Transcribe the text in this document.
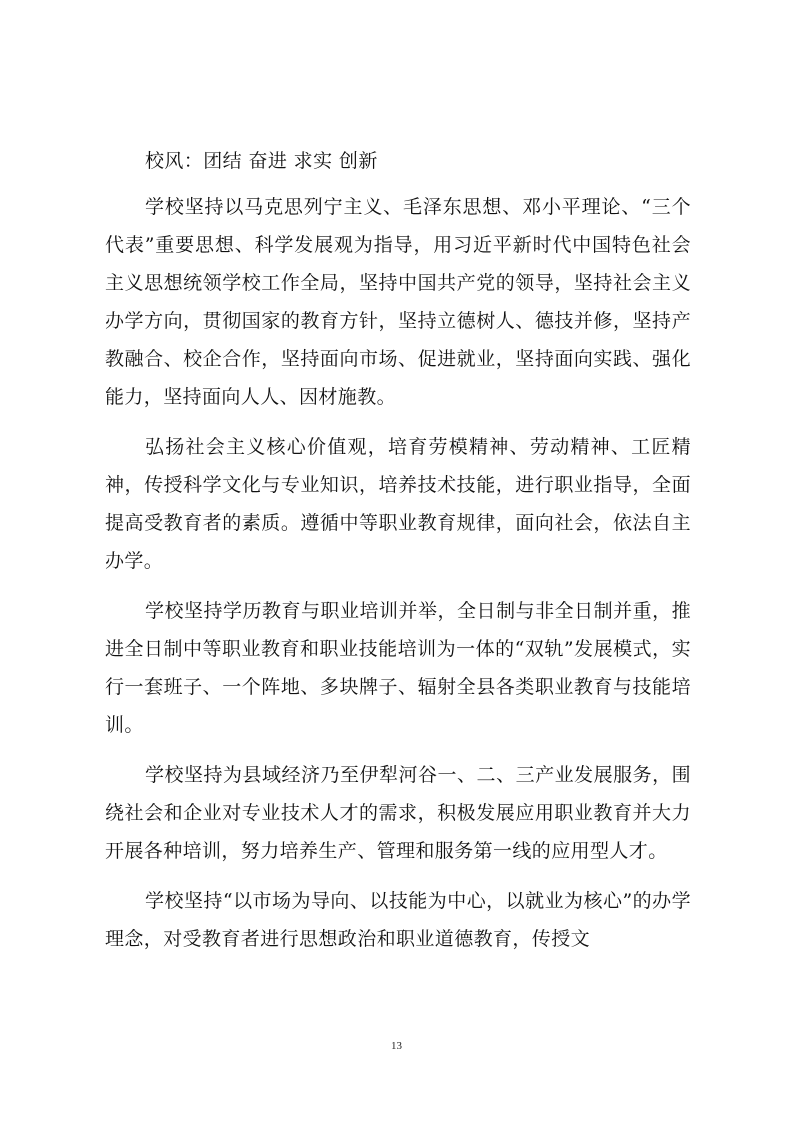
校风：团结 奋进 求实 创新

学校坚持以马克思列宁主义、毛泽东思想、邓小平理论、“三个代表”重要思想、科学发展观为指导，用习近平新时代中国特色社会主义思想统领学校工作全局，坚持中国共产党的领导，坚持社会主义办学方向，贯彻国家的教育方针，坚持立德树人、德技并修，坚持产教融合、校企合作，坚持面向市场、促进就业，坚持面向实践、强化能力，坚持面向人人、因材施教。

弘扬社会主义核心价值观，培育劳模精神、劳动精神、工匠精神，传授科学文化与专业知识，培养技术技能，进行职业指导，全面提高受教育者的素质。遵循中等职业教育规律，面向社会，依法自主办学。

学校坚持学历教育与职业培训并举，全日制与非全日制并重，推进全日制中等职业教育和职业技能培训为一体的“双轨”发展模式，实行一套班子、一个阵地、多块牌子、辐射全县各类职业教育与技能培训。

学校坚持为县域经济乃至伊犁河谷一、二、三产业发展服务，围绕社会和企业对专业技术人才的需求，积极发展应用职业教育并大力开展各种培训，努力培养生产、管理和服务第一线的应用型人才。

学校坚持“以市场为导向、以技能为中心，以就业为核心”的办学理念，对受教育者进行思想政治和职业道德教育，传授文

13
